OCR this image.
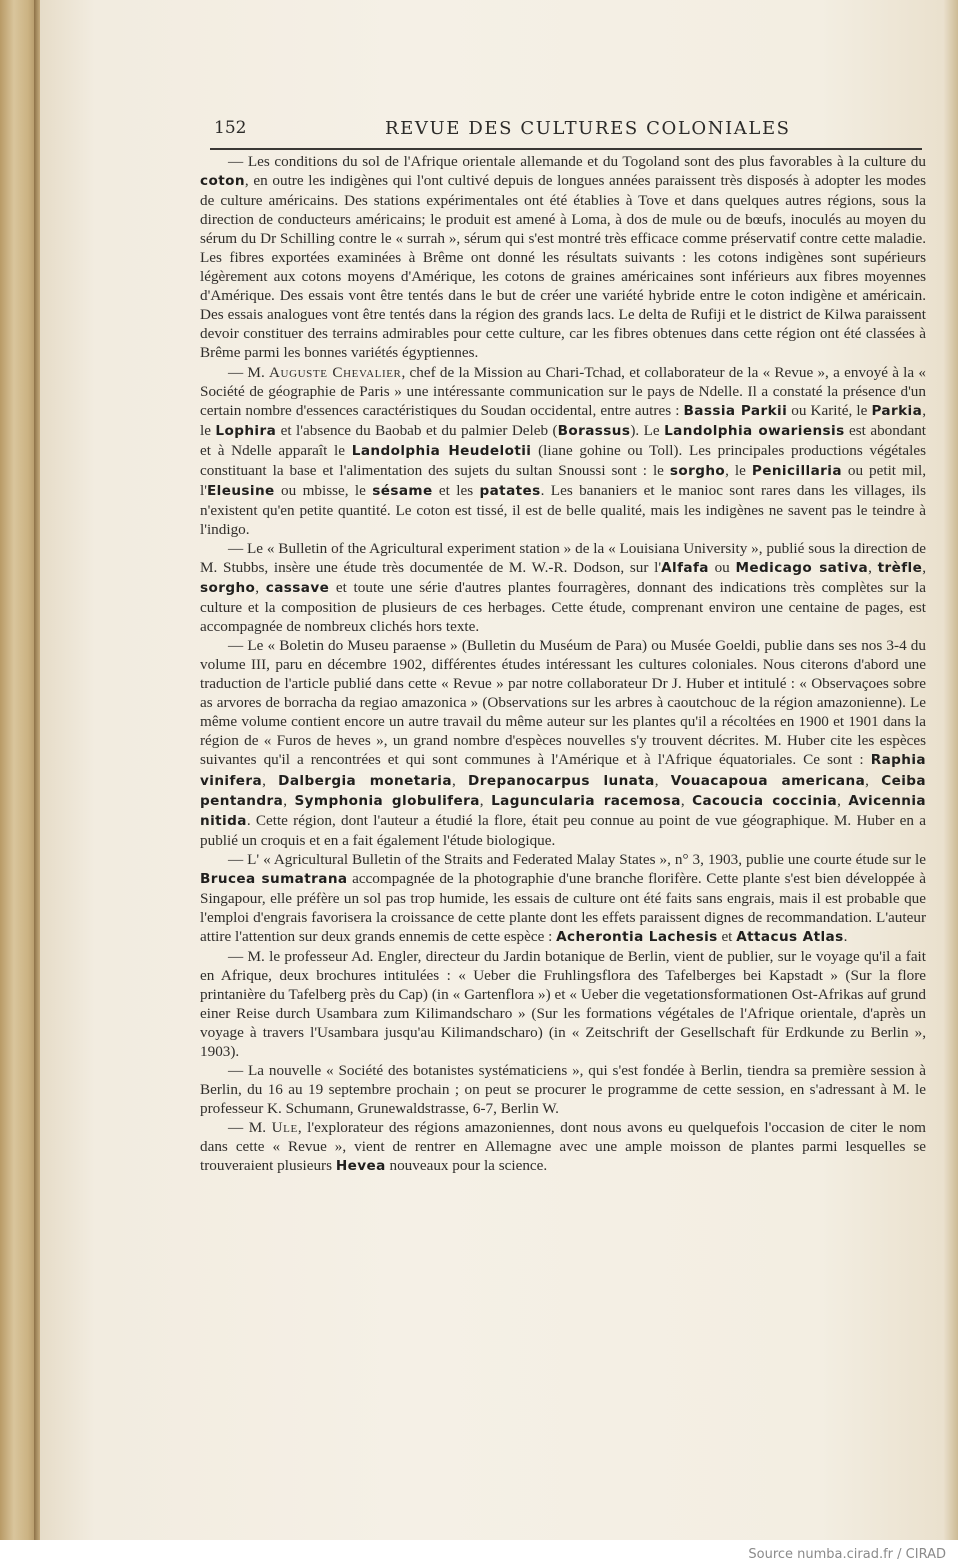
152	REVUE DES CULTURES COLONIALES

— Les conditions du sol de l'Afrique orientale allemande et du Togoland sont des plus favorables à la culture du coton, en outre les indigènes qui l'ont cultivé depuis de longues années paraissent très disposés à adopter les modes de culture américains. Des stations expérimentales ont été établies à Tove et dans quelques autres régions, sous la direction de conducteurs américains; le produit est amené à Loma, à dos de mule ou de bœufs, inoculés au moyen du sérum du Dr Schilling contre le « surrah », sérum qui s'est montré très efficace comme préservatif contre cette maladie. Les fibres exportées examinées à Brême ont donné les résultats suivants : les cotons indigènes sont supérieurs légèrement aux cotons moyens d'Amérique, les cotons de graines américaines sont inférieurs aux fibres moyennes d'Amérique. Des essais vont être tentés dans le but de créer une variété hybride entre le coton indigène et américain. Des essais analogues vont être tentés dans la région des grands lacs. Le delta de Rufiji et le district de Kilwa paraissent devoir constituer des terrains admirables pour cette culture, car les fibres obtenues dans cette région ont été classées à Brême parmi les bonnes variétés égyptiennes.

— M. Auguste Chevalier, chef de la Mission au Chari-Tchad, et collaborateur de la « Revue », a envoyé à la « Société de géographie de Paris » une intéressante communication sur le pays de Ndelle. Il a constaté la présence d'un certain nombre d'essences caractéristiques du Soudan occidental, entre autres : Bassia Parkii ou Karité, le Parkia, le Lophira et l'absence du Baobab et du palmier Deleb (Borassus). Le Landolphia owariensis est abondant et à Ndelle apparaît le Landolphia Heudelotii (liane gohine ou Toll). Les principales productions végétales constituant la base et l'alimentation des sujets du sultan Snoussi sont : le sorgho, le Penicillaria ou petit mil, l'Eleusine ou mbisse, le sésame et les patates. Les bananiers et le manioc sont rares dans les villages, ils n'existent qu'en petite quantité. Le coton est tissé, il est de belle qualité, mais les indigènes ne savent pas le teindre à l'indigo.

— Le « Bulletin of the Agricultural experiment station » de la « Louisiana University », publié sous la direction de M. Stubbs, insère une étude très documentée de M. W.-R. Dodson, sur l'Alfafa ou Medicago sativa, trèfle, sorgho, cassave et toute une série d'autres plantes fourragères, donnant des indications très complètes sur la culture et la composition de plusieurs de ces herbages. Cette étude, comprenant environ une centaine de pages, est accompagnée de nombreux clichés hors texte.

— Le « Boletin do Museu paraense » (Bulletin du Muséum de Para) ou Musée Goeldi, publie dans ses nos 3-4 du volume III, paru en décembre 1902, différentes études intéressant les cultures coloniales. Nous citerons d'abord une traduction de l'article publié dans cette « Revue » par notre collaborateur Dr J. Huber et intitulé : « Observaçoes sobre as arvores de borracha da regiao amazonica » (Observations sur les arbres à caoutchouc de la région amazonienne). Le même volume contient encore un autre travail du même auteur sur les plantes qu'il a récoltées en 1900 et 1901 dans la région de « Furos de heves », un grand nombre d'espèces nouvelles s'y trouvent décrites. M. Huber cite les espèces suivantes qu'il a rencontrées et qui sont communes à l'Amérique et à l'Afrique équatoriales. Ce sont : Raphia vinifera, Dalbergia monetaria, Drepanocarpus lunata, Vouacapoua americana, Ceiba pentandra, Symphonia globulifera, Laguncularia racemosa, Cacoucia coccinia, Avicennia nitida. Cette région, dont l'auteur a étudié la flore, était peu connue au point de vue géographique. M. Huber en a publié un croquis et en a fait également l'étude biologique.

— L' « Agricultural Bulletin of the Straits and Federated Malay States », n° 3, 1903, publie une courte étude sur le Brucea sumatrana accompagnée de la photographie d'une branche florifère. Cette plante s'est bien développée à Singapour, elle préfère un sol pas trop humide, les essais de culture ont été faits sans engrais, mais il est probable que l'emploi d'engrais favorisera la croissance de cette plante dont les effets paraissent dignes de recommandation. L'auteur attire l'attention sur deux grands ennemis de cette espèce : Acherontia Lachesis et Attacus Atlas.

— M. le professeur Ad. Engler, directeur du Jardin botanique de Berlin, vient de publier, sur le voyage qu'il a fait en Afrique, deux brochures intitulées : « Ueber die Fruhlingsflora des Tafelberges bei Kapstadt » (Sur la flore printanière du Tafelberg près du Cap) (in « Gartenflora ») et « Ueber die vegetationsformationen Ost-Afrikas auf grund einer Reise durch Usambara zum Kilimandscharo » (Sur les formations végétales de l'Afrique orientale, d'après un voyage à travers l'Usambara jusqu'au Kilimandscharo) (in « Zeitschrift der Gesellschaft für Erdkunde zu Berlin », 1903).

— La nouvelle « Société des botanistes systématiciens », qui s'est fondée à Berlin, tiendra sa première session à Berlin, du 16 au 19 septembre prochain ; on peut se procurer le programme de cette session, en s'adressant à M. le professeur K. Schumann, Grunewaldstrasse, 6-7, Berlin W.

— M. Ule, l'explorateur des régions amazoniennes, dont nous avons eu quelquefois l'occasion de citer le nom dans cette « Revue », vient de rentrer en Allemagne avec une ample moisson de plantes parmi lesquelles se trouveraient plusieurs Hevea nouveaux pour la science.

Source numba.cirad.fr / CIRAD
